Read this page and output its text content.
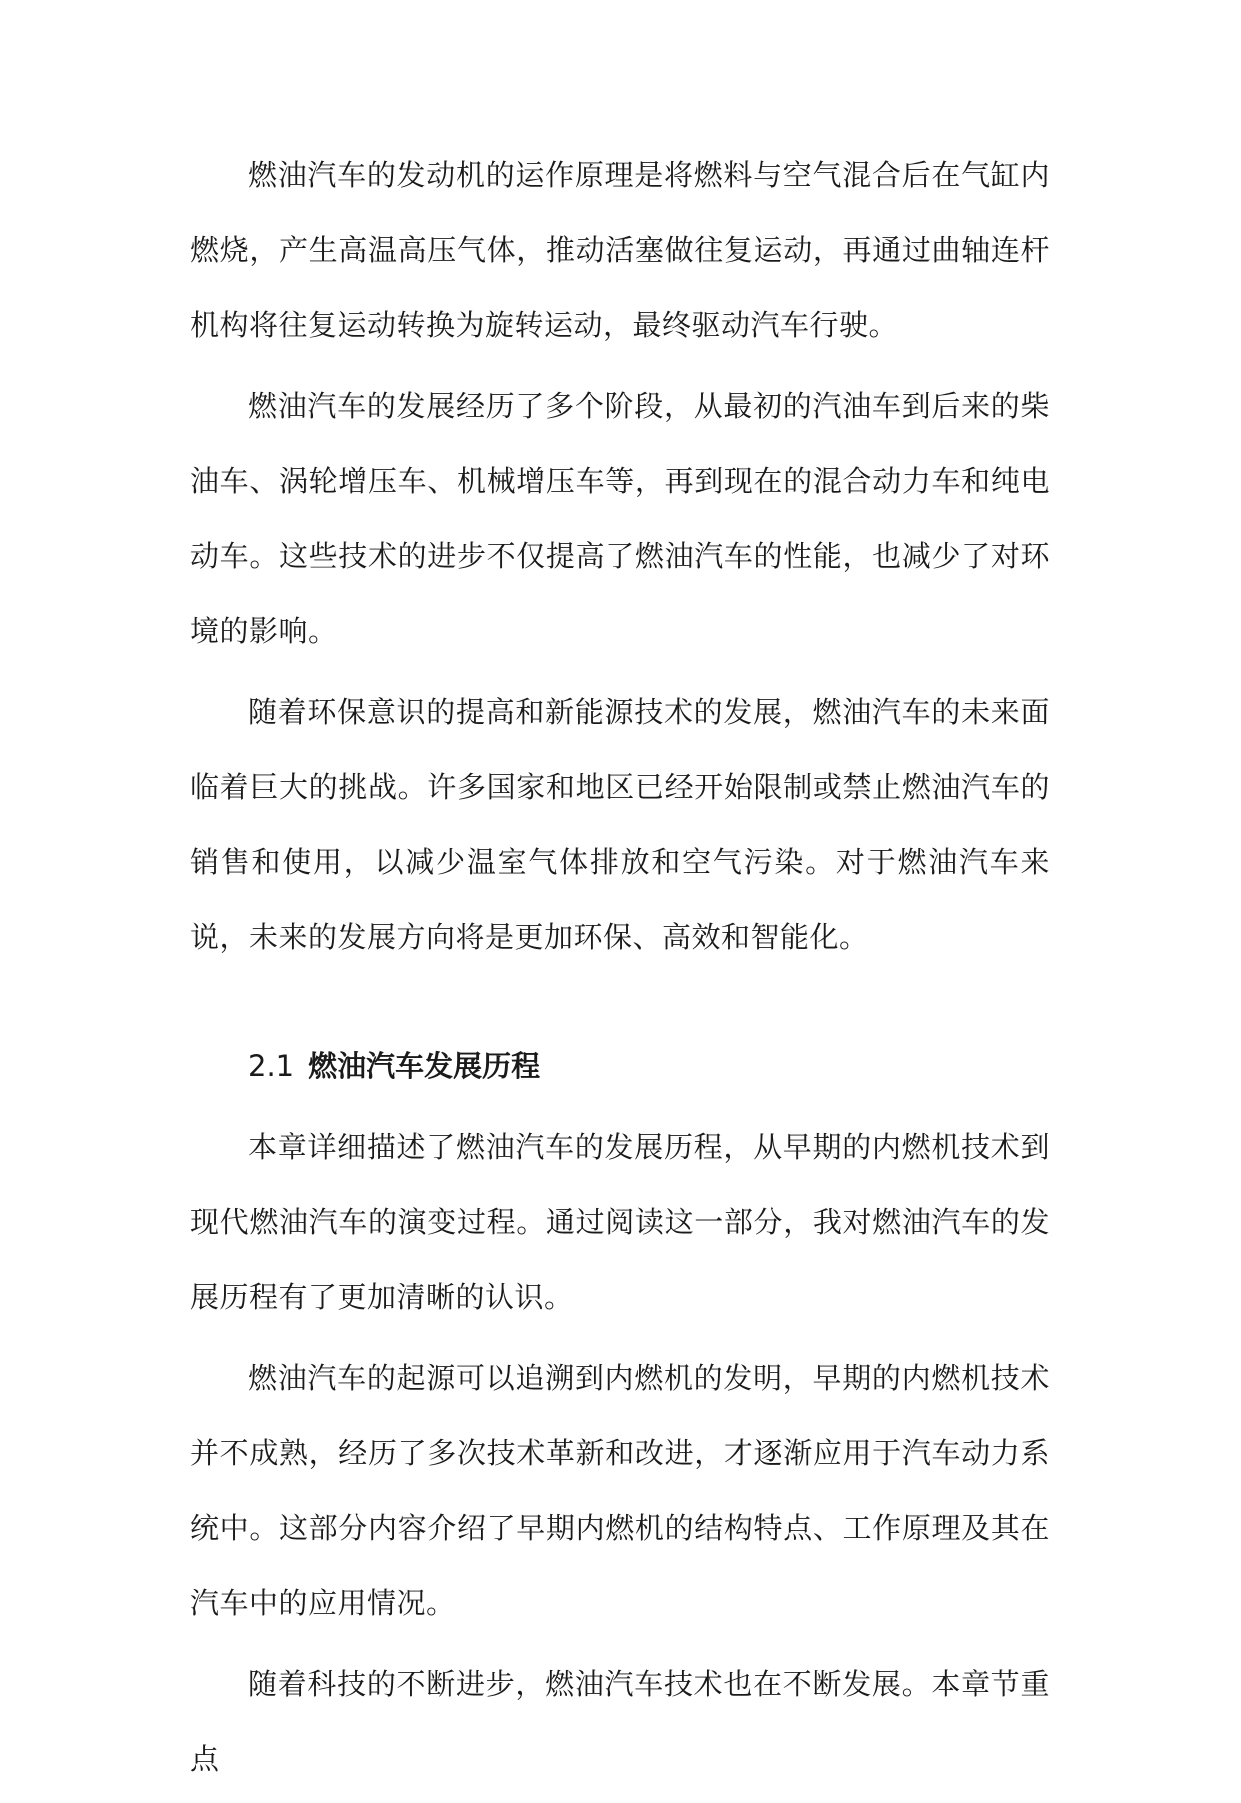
燃油汽车的发动机的运作原理是将燃料与空气混合后在气缸内燃烧，产生高温高压气体，推动活塞做往复运动，再通过曲轴连杆机构将往复运动转换为旋转运动，最终驱动汽车行驶。

燃油汽车的发展经历了多个阶段，从最初的汽油车到后来的柴油车、涡轮增压车、机械增压车等，再到现在的混合动力车和纯电动车。这些技术的进步不仅提高了燃油汽车的性能，也减少了对环境的影响。

随着环保意识的提高和新能源技术的发展，燃油汽车的未来面临着巨大的挑战。许多国家和地区已经开始限制或禁止燃油汽车的销售和使用，以减少温室气体排放和空气污染。对于燃油汽车来说，未来的发展方向将是更加环保、高效和智能化。

2.1 燃油汽车发展历程

本章详细描述了燃油汽车的发展历程，从早期的内燃机技术到现代燃油汽车的演变过程。通过阅读这一部分，我对燃油汽车的发展历程有了更加清晰的认识。

燃油汽车的起源可以追溯到内燃机的发明，早期的内燃机技术并不成熟，经历了多次技术革新和改进，才逐渐应用于汽车动力系统中。这部分内容介绍了早期内燃机的结构特点、工作原理及其在汽车中的应用情况。

随着科技的不断进步，燃油汽车技术也在不断发展。本章节重点
